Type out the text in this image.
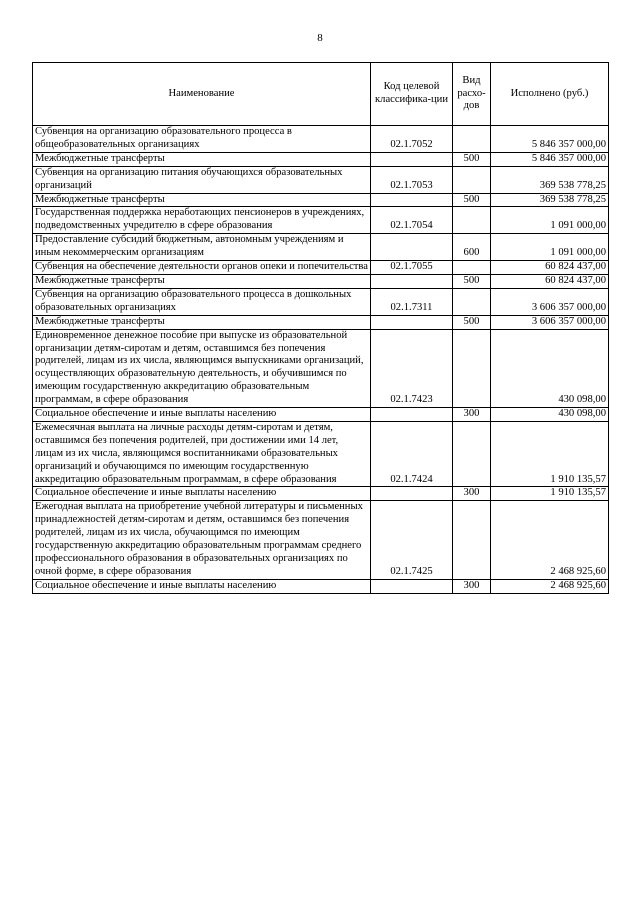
8
Наименование	Код целевой классифика-ции	Вид расхо-дов	Исполнено (руб.)
Субвенция на организацию образовательного процесса в общеобразовательных организациях	02.1.7052		5 846 357 000,00
Межбюджетные трансферты		500	5 846 357 000,00
Субвенция на организацию питания обучающихся образовательных организаций	02.1.7053		369 538 778,25
Межбюджетные трансферты		500	369 538 778,25
Государственная поддержка неработающих пенсионеров в учреждениях, подведомственных учредителю в сфере образования	02.1.7054		1 091 000,00
Предоставление субсидий бюджетным, автономным учреждениям и иным некоммерческим организациям		600	1 091 000,00
Субвенция на обеспечение деятельности органов опеки и попечительства	02.1.7055		60 824 437,00
Межбюджетные трансферты		500	60 824 437,00
Субвенция на организацию образовательного процесса в дошкольных образовательных организациях	02.1.7311		3 606 357 000,00
Межбюджетные трансферты		500	3 606 357 000,00
Единовременное денежное пособие при выпуске из образовательной организации детям-сиротам и детям, оставшимся без попечения родителей, лицам из их числа, являющимся выпускниками организаций, осуществляющих образовательную деятельность, и обучившимся по имеющим государственную аккредитацию образовательным программам, в сфере образования	02.1.7423		430 098,00
Социальное обеспечение и иные выплаты населению		300	430 098,00
Ежемесячная выплата на личные расходы детям-сиротам и детям, оставшимся без попечения родителей, при достижении ими 14 лет, лицам из их числа, являющимся воспитанниками образовательных организаций и обучающимся по имеющим государственную аккредитацию образовательным программам, в сфере образования	02.1.7424		1 910 135,57
Социальное обеспечение и иные выплаты населению		300	1 910 135,57
Ежегодная выплата на приобретение учебной литературы и письменных принадлежностей детям-сиротам и детям, оставшимся без попечения родителей, лицам из их числа, обучающимся по имеющим государственную аккредитацию образовательным программам среднего профессионального образования в образовательных организациях по очной форме, в сфере образования	02.1.7425		2 468 925,60
Социальное обеспечение и иные выплаты населению		300	2 468 925,60
